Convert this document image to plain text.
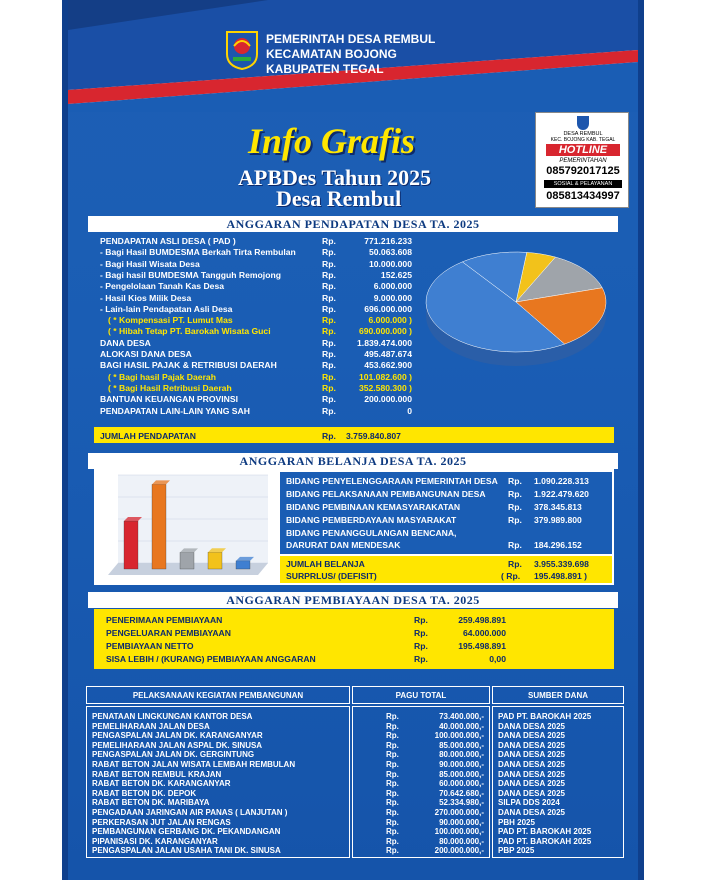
PEMERINTAH DESA REMBUL
KECAMATAN BOJONG
KABUPATEN TEGAL
Info Grafis
APBDes Tahun 2025
Desa Rembul
DESA REMBUL
KEC. BOJONG KAB. TEGAL
HOTLINE
PEMERINTAHAN
085792017125
SOSIAL & PELAYANAN
085813434997
ANGGARAN PENDAPATAN DESA TA. 2025
PENDAPATAN ASLI DESA ( PAD )	Rp.	771.216.233
- Bagi Hasil BUMDESMA Berkah Tirta Rembulan	Rp.	50.063.608
- Bagi Hasil Wisata Desa	Rp.	10.000.000
- Bagi hasil BUMDESMA Tangguh Remojong	Rp.	152.625
- Pengelolaan Tanah Kas Desa	Rp.	6.000.000
- Hasil Kios Milik Desa	Rp.	9.000.000
- Lain-lain Pendapatan Asli Desa	Rp.	696.000.000
( * Kompensasi PT. Lumut Mas	Rp.	6.000.000 )
( * Hibah Tetap PT. Barokah Wisata Guci	Rp.	690.000.000 )
DANA DESA	Rp.	1.839.474.000
ALOKASI DANA DESA	Rp.	495.487.674
BAGI HASIL PAJAK & RETRIBUSI DAERAH	Rp.	453.662.900
( * Bagi hasil Pajak Daerah	Rp.	101.082.600 )
( * Bagi Hasil Retribusi Daerah	Rp.	352.580.300 )
BANTUAN KEUANGAN PROVINSI	Rp.	200.000.000
PENDAPATAN LAIN-LAIN YANG SAH	Rp.	0
JUMLAH PENDAPATAN	Rp. 3.759.840.807
ANGGARAN BELANJA DESA TA. 2025
BIDANG PENYELENGGARAAN PEMERINTAH DESA Rp. 1.090.228.313
BIDANG PELAKSANAAN PEMBANGUNAN DESA	Rp. 1.922.479.620
BIDANG PEMBINAAN KEMASYARAKATAN	Rp. 378.345.813
BIDANG PEMBERDAYAAN MASYARAKAT	Rp. 379.989.800
BIDANG PENANGGULANGAN BENCANA,
DARURAT DAN MENDESAK	Rp. 184.296.152
JUMLAH BELANJA	Rp. 3.955.339.698
SURPRLUS/ (DEFISIT)	( Rp. 195.498.891 )
ANGGARAN PEMBIAYAAN DESA TA. 2025
PENERIMAAN PEMBIAYAAN	Rp.	259.498.891
PENGELUARAN PEMBIAYAAN	Rp.	64.000.000
PEMBIAYAAN NETTO	Rp.	195.498.891
SISA LEBIH / (KURANG) PEMBIAYAAN ANGGARAN	Rp.	0,00
PELAKSANAAN KEGIATAN PEMBANGUNAN	PAGU TOTAL	SUMBER DANA
PENATAAN LINGKUNGAN KANTOR DESA	Rp.	73.400.000,- PAD PT. BAROKAH 2025
PEMELIHARAAN JALAN DESA	Rp.	40.000.000,- DANA DESA 2025
PENGASPALAN JALAN DK. KARANGANYAR	Rp.	100.000.000,- DANA DESA 2025
PEMELIHARAAN JALAN ASPAL DK. SINUSA	Rp.	85.000.000,- DANA DESA 2025
PENGASPALAN JALAN DK. GERGINTUNG	Rp.	80.000.000,- DANA DESA 2025
RABAT BETON JALAN WISATA LEMBAH REMBULAN	Rp.	90.000.000,- DANA DESA 2025
RABAT BETON REMBUL KRAJAN	Rp.	85.000.000,- DANA DESA 2025
RABAT BETON DK. KARANGANYAR	Rp.	60.000.000,- DANA DESA 2025
RABAT BETON DK. DEPOK	Rp.	70.642.680,- DANA DESA 2025
RABAT BETON DK. MARIBAYA	Rp.	52.334.980,- SILPA DDS 2024
PENGADAAN JARINGAN AIR PANAS ( LANJUTAN )	Rp.	270.000.000,- DANA DESA 2025
PERKERASAN JUT JALAN RENGAS	Rp.	90.000.000,- PBH 2025
PEMBANGUNAN GERBANG DK. PEKANDANGAN	Rp.	100.000.000,- PAD PT. BAROKAH 2025
PIPANISASI DK. KARANGANYAR	Rp.	80.000.000,- PAD PT. BAROKAH 2025
PENGASPALAN JALAN USAHA TANI DK. SINUSA	Rp.	200.000.000,- PBP 2025
